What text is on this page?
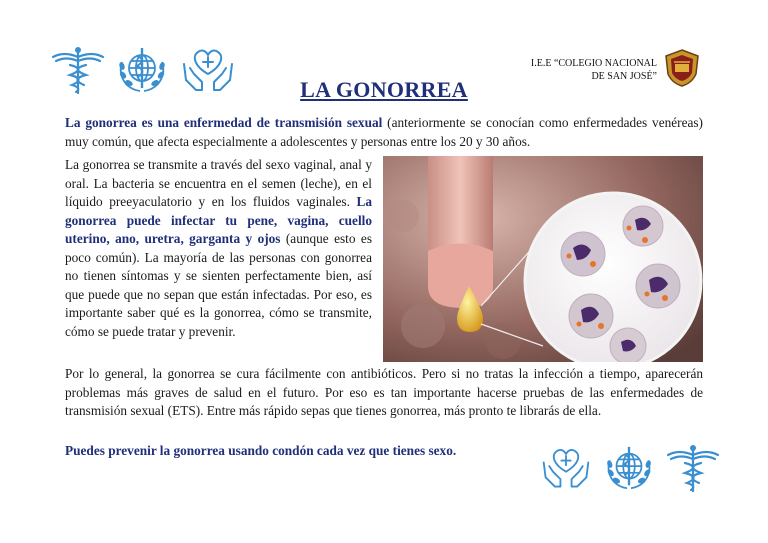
I.E.E “COLEGIO NACIONAL
DE SAN JOSÉ”
LA GONORREA
La gonorrea es una enfermedad de transmisión sexual (anteriormente se conocían como enfermedades venéreas) muy común, que afecta especialmente a adolescentes y personas entre los 20 y 30 años.
La gonorrea se transmite a través del sexo vaginal, anal y oral. La bacteria se encuentra en el semen (leche), en el líquido preeyaculatorio y en los fluidos vaginales. La gonorrea puede infectar tu pene, vagina, cuello uterino, ano, uretra, garganta y ojos (aunque esto es poco común). La mayoría de las personas con gonorrea no tienen síntomas y se sienten perfectamente bien, así que puede que no sepan que están infectadas. Por eso, es importante saber qué es la gonorrea, cómo se transmite, cómo se puede tratar y prevenir.
Por lo general, la gonorrea se cura fácilmente con antibióticos. Pero si no tratas la infección a tiempo, aparecerán problemas más graves de salud en el futuro. Por eso es tan importante hacerse pruebas de las enfermedades de transmisión sexual (ETS). Entre más rápido sepas que tienes gonorrea, más pronto te librarás de ella.
Puedes prevenir la gonorrea usando condón cada vez que tienes sexo.
